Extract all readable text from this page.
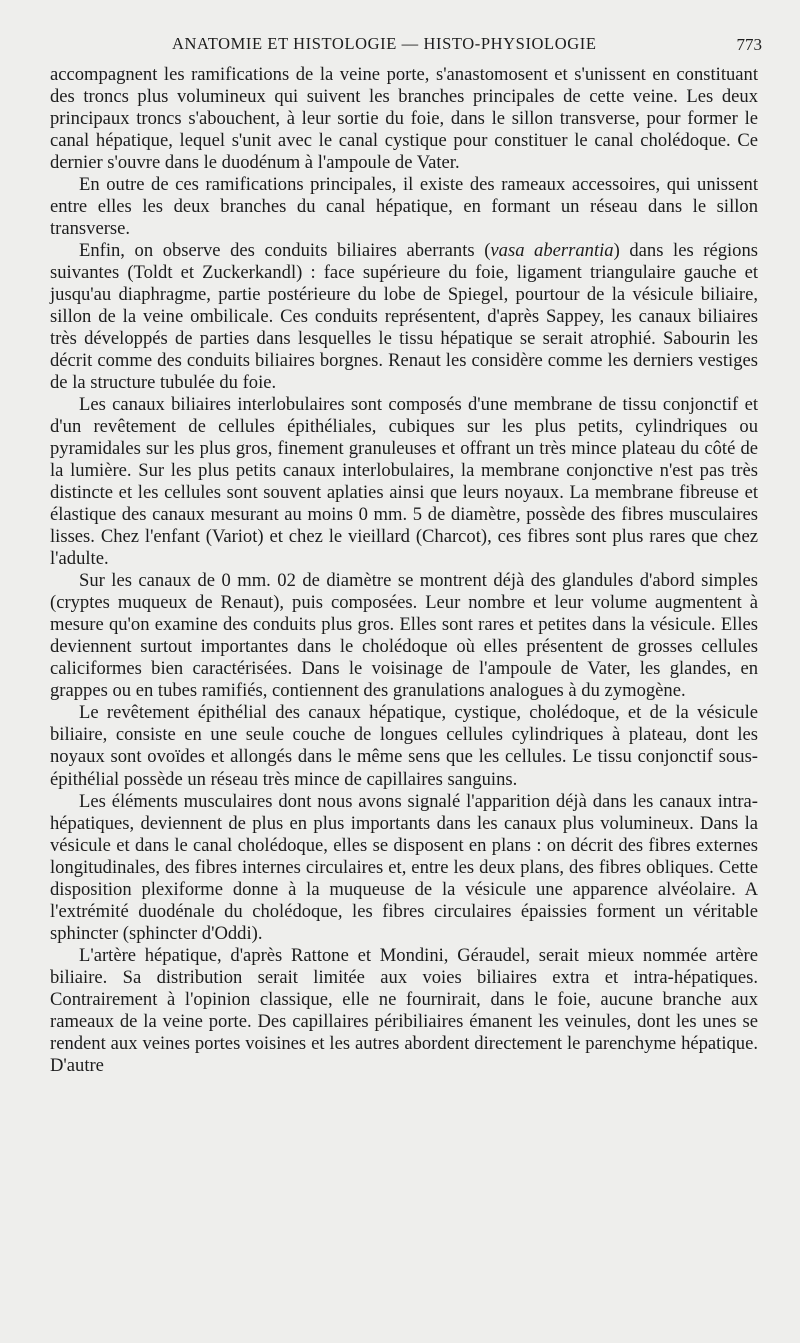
ANATOMIE ET HISTOLOGIE — HISTO-PHYSIOLOGIE	773

accompagnent les ramifications de la veine porte, s'anastomosent et s'unissent en constituant des troncs plus volumineux qui suivent les branches principales de cette veine. Les deux principaux troncs s'abouchent, à leur sortie du foie, dans le sillon transverse, pour former le canal hépatique, lequel s'unit avec le canal cystique pour constituer le canal cholédoque. Ce dernier s'ouvre dans le duodénum à l'ampoule de Vater.

En outre de ces ramifications principales, il existe des rameaux accessoires, qui unissent entre elles les deux branches du canal hépatique, en formant un réseau dans le sillon transverse.

Enfin, on observe des conduits biliaires aberrants (vasa aberrantia) dans les régions suivantes (Toldt et Zuckerkandl) : face supérieure du foie, ligament triangulaire gauche et jusqu'au diaphragme, partie postérieure du lobe de Spiegel, pourtour de la vésicule biliaire, sillon de la veine ombilicale. Ces conduits représentent, d'après Sappey, les canaux biliaires très développés de parties dans lesquelles le tissu hépatique se serait atrophié. Sabourin les décrit comme des conduits biliaires borgnes. Renaut les considère comme les derniers vestiges de la structure tubulée du foie.

Les canaux biliaires interlobulaires sont composés d'une membrane de tissu conjonctif et d'un revêtement de cellules épithéliales, cubiques sur les plus petits, cylindriques ou pyramidales sur les plus gros, finement granuleuses et offrant un très mince plateau du côté de la lumière. Sur les plus petits canaux interlobulaires, la membrane conjonctive n'est pas très distincte et les cellules sont souvent aplaties ainsi que leurs noyaux. La membrane fibreuse et élastique des canaux mesurant au moins 0 mm. 5 de diamètre, possède des fibres musculaires lisses. Chez l'enfant (Variot) et chez le vieillard (Charcot), ces fibres sont plus rares que chez l'adulte.

Sur les canaux de 0 mm. 02 de diamètre se montrent déjà des glandules d'abord simples (cryptes muqueux de Renaut), puis composées. Leur nombre et leur volume augmentent à mesure qu'on examine des conduits plus gros. Elles sont rares et petites dans la vésicule. Elles deviennent surtout importantes dans le cholédoque où elles présentent de grosses cellules caliciformes bien caractérisées. Dans le voisinage de l'ampoule de Vater, les glandes, en grappes ou en tubes ramifiés, contiennent des granulations analogues à du zymogène.

Le revêtement épithélial des canaux hépatique, cystique, cholédoque, et de la vésicule biliaire, consiste en une seule couche de longues cellules cylindriques à plateau, dont les noyaux sont ovoïdes et allongés dans le même sens que les cellules. Le tissu conjonctif sous-épithélial possède un réseau très mince de capillaires sanguins.

Les éléments musculaires dont nous avons signalé l'apparition déjà dans les canaux intra-hépatiques, deviennent de plus en plus importants dans les canaux plus volumineux. Dans la vésicule et dans le canal cholédoque, elles se disposent en plans : on décrit des fibres externes longitudinales, des fibres internes circulaires et, entre les deux plans, des fibres obliques. Cette disposition plexiforme donne à la muqueuse de la vésicule une apparence alvéolaire. A l'extrémité duodénale du cholédoque, les fibres circulaires épaissies forment un véritable sphincter (sphincter d'Oddi).

L'artère hépatique, d'après Rattone et Mondini, Géraudel, serait mieux nommée artère biliaire. Sa distribution serait limitée aux voies biliaires extra et intra-hépatiques. Contrairement à l'opinion classique, elle ne fournirait, dans le foie, aucune branche aux rameaux de la veine porte. Des capillaires péribiliaires émanent les veinules, dont les unes se rendent aux veines portes voisines et les autres abordent directement le parenchyme hépatique. D'autre
